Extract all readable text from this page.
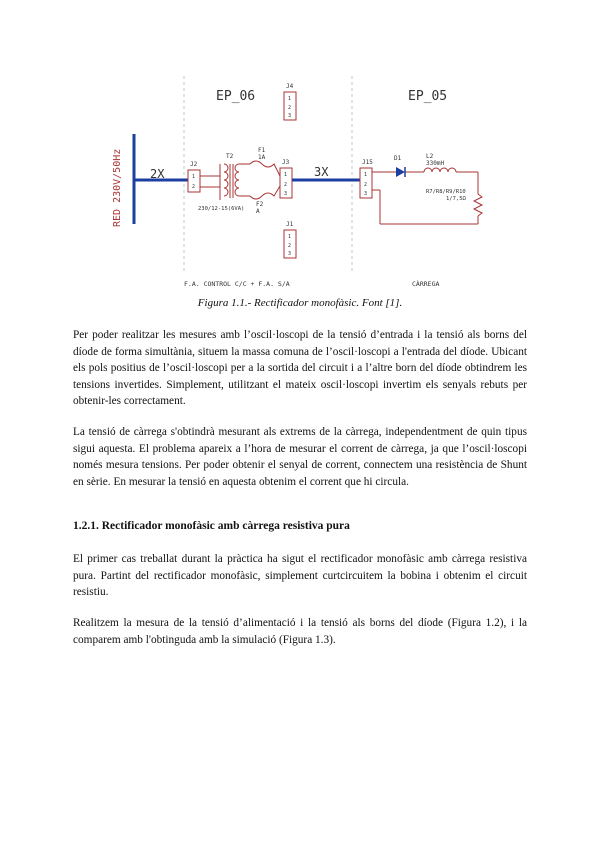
EP_06	EP_05
RED 230V/50Hz 2X
J2
1
2
T2
230/12-15(6VA)
F1
1A
F2
A
J3
1
2
3
J4
1
2
3
J1
1
2
3
3X
J15
1
2
3
D1	L2
330mH
R7/R8/R9/R10
1/7,5Ω
F.A. CONTROL C/C + F.A. S/A	CÀRREGA
Figura 1.1.- Rectificador monofàsic. Font [1].

Per poder realitzar les mesures amb l’oscil·loscopi de la tensió d’entrada i la tensió als borns del díode de forma simultània, situem la massa comuna de l’oscil·loscopi a l'entrada del díode. Ubicant els pols positius de l’oscil·loscopi per a la sortida del circuit i a l’altre born del díode obtindrem les tensions invertides. Simplement, utilitzant el mateix oscil·loscopi invertim els senyals rebuts per obtenir-les correctament.

La tensió de càrrega s'obtindrà mesurant als extrems de la càrrega, independentment de quin tipus sigui aquesta. El problema apareix a l’hora de mesurar el corrent de càrrega, ja que l’oscil·loscopi només mesura tensions. Per poder obtenir el senyal de corrent, connectem una resistència de Shunt en sèrie. En mesurar la tensió en aquesta obtenim el corrent que hi circula.

1.2.1. Rectificador monofàsic amb càrrega resistiva pura

El primer cas treballat durant la pràctica ha sigut el rectificador monofàsic amb càrrega resistiva pura. Partint del rectificador monofàsic, simplement curtcircuitem la bobina i obtenim el circuit resistiu.

Realitzem la mesura de la tensió d’alimentació i la tensió als borns del díode (Figura 1.2), i la comparem amb l'obtinguda amb la simulació (Figura 1.3).
